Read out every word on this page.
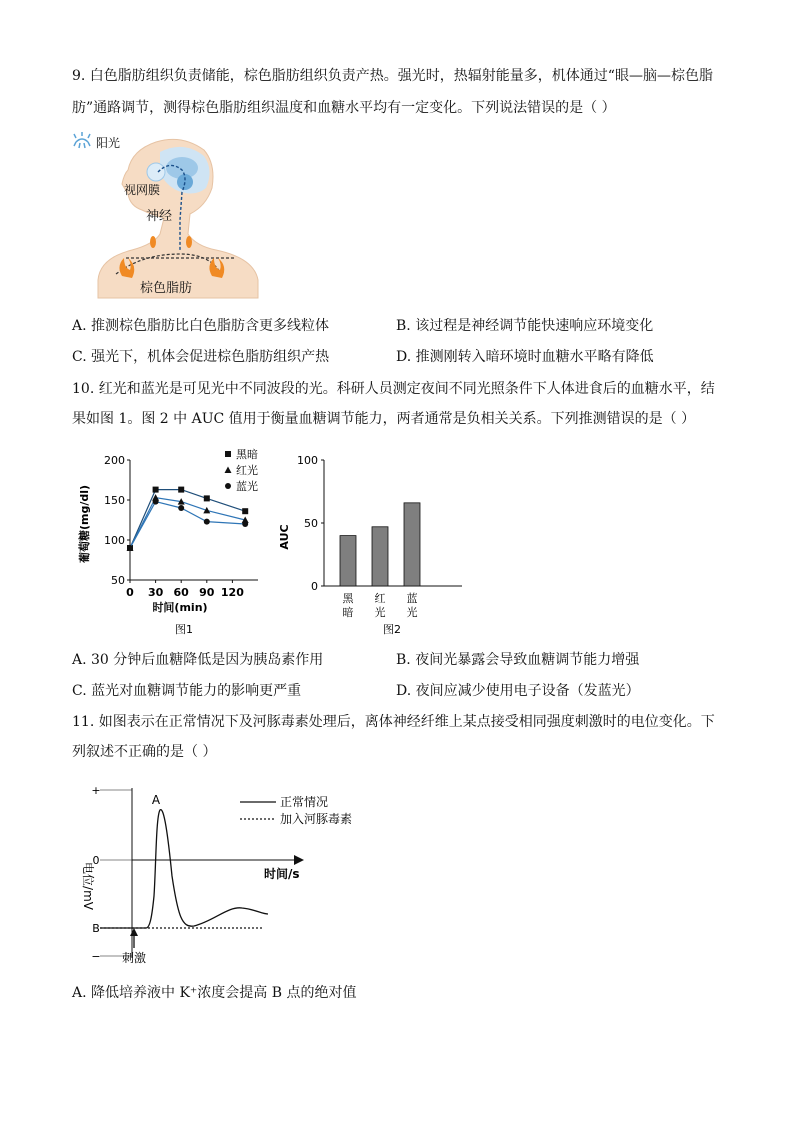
9. 白色脂肪组织负责储能，棕色脂肪组织负责产热。强光时，热辐射能量多，机体通过“眼—脑—棕色脂
肪”通路调节，测得棕色脂肪组织温度和血糖水平均有一定变化。下列说法错误的是（ ）
阳光
视网膜
神经
棕色脂肪
A. 推测棕色脂肪比白色脂肪含更多线粒体	B. 该过程是神经调节能快速响应环境变化
C. 强光下，机体会促进棕色脂肪组织产热	D. 推测刚转入暗环境时血糖水平略有降低
10. 红光和蓝光是可见光中不同波段的光。科研人员测定夜间不同光照条件下人体进食后的血糖水平，结
果如图 1。图 2 中 AUC 值用于衡量血糖调节能力，两者通常是负相关关系。下列推测错误的是（ ）
50
100
150
200
0 30 60 90 120
时间(min)
葡萄糖(mg/dl)
图1
黑暗
红光
蓝光
0
50
100
AUC
黑
暗
红
光
蓝
光
图2
A. 30 分钟后血糖降低是因为胰岛素作用	B. 夜间光暴露会导致血糖调节能力增强
C. 蓝光对血糖调节能力的影响更严重	D. 夜间应减少使用电子设备（发蓝光）
11. 如图表示在正常情况下及河豚毒素处理后，离体神经纤维上某点接受相同强度刺激时的电位变化。下
列叙述不正确的是（ ）
时间/s
电位/mV
+
0
B
−
A
刺激
正常情况
加入河豚毒素
A. 降低培养液中 K⁺浓度会提高 B 点的绝对值
